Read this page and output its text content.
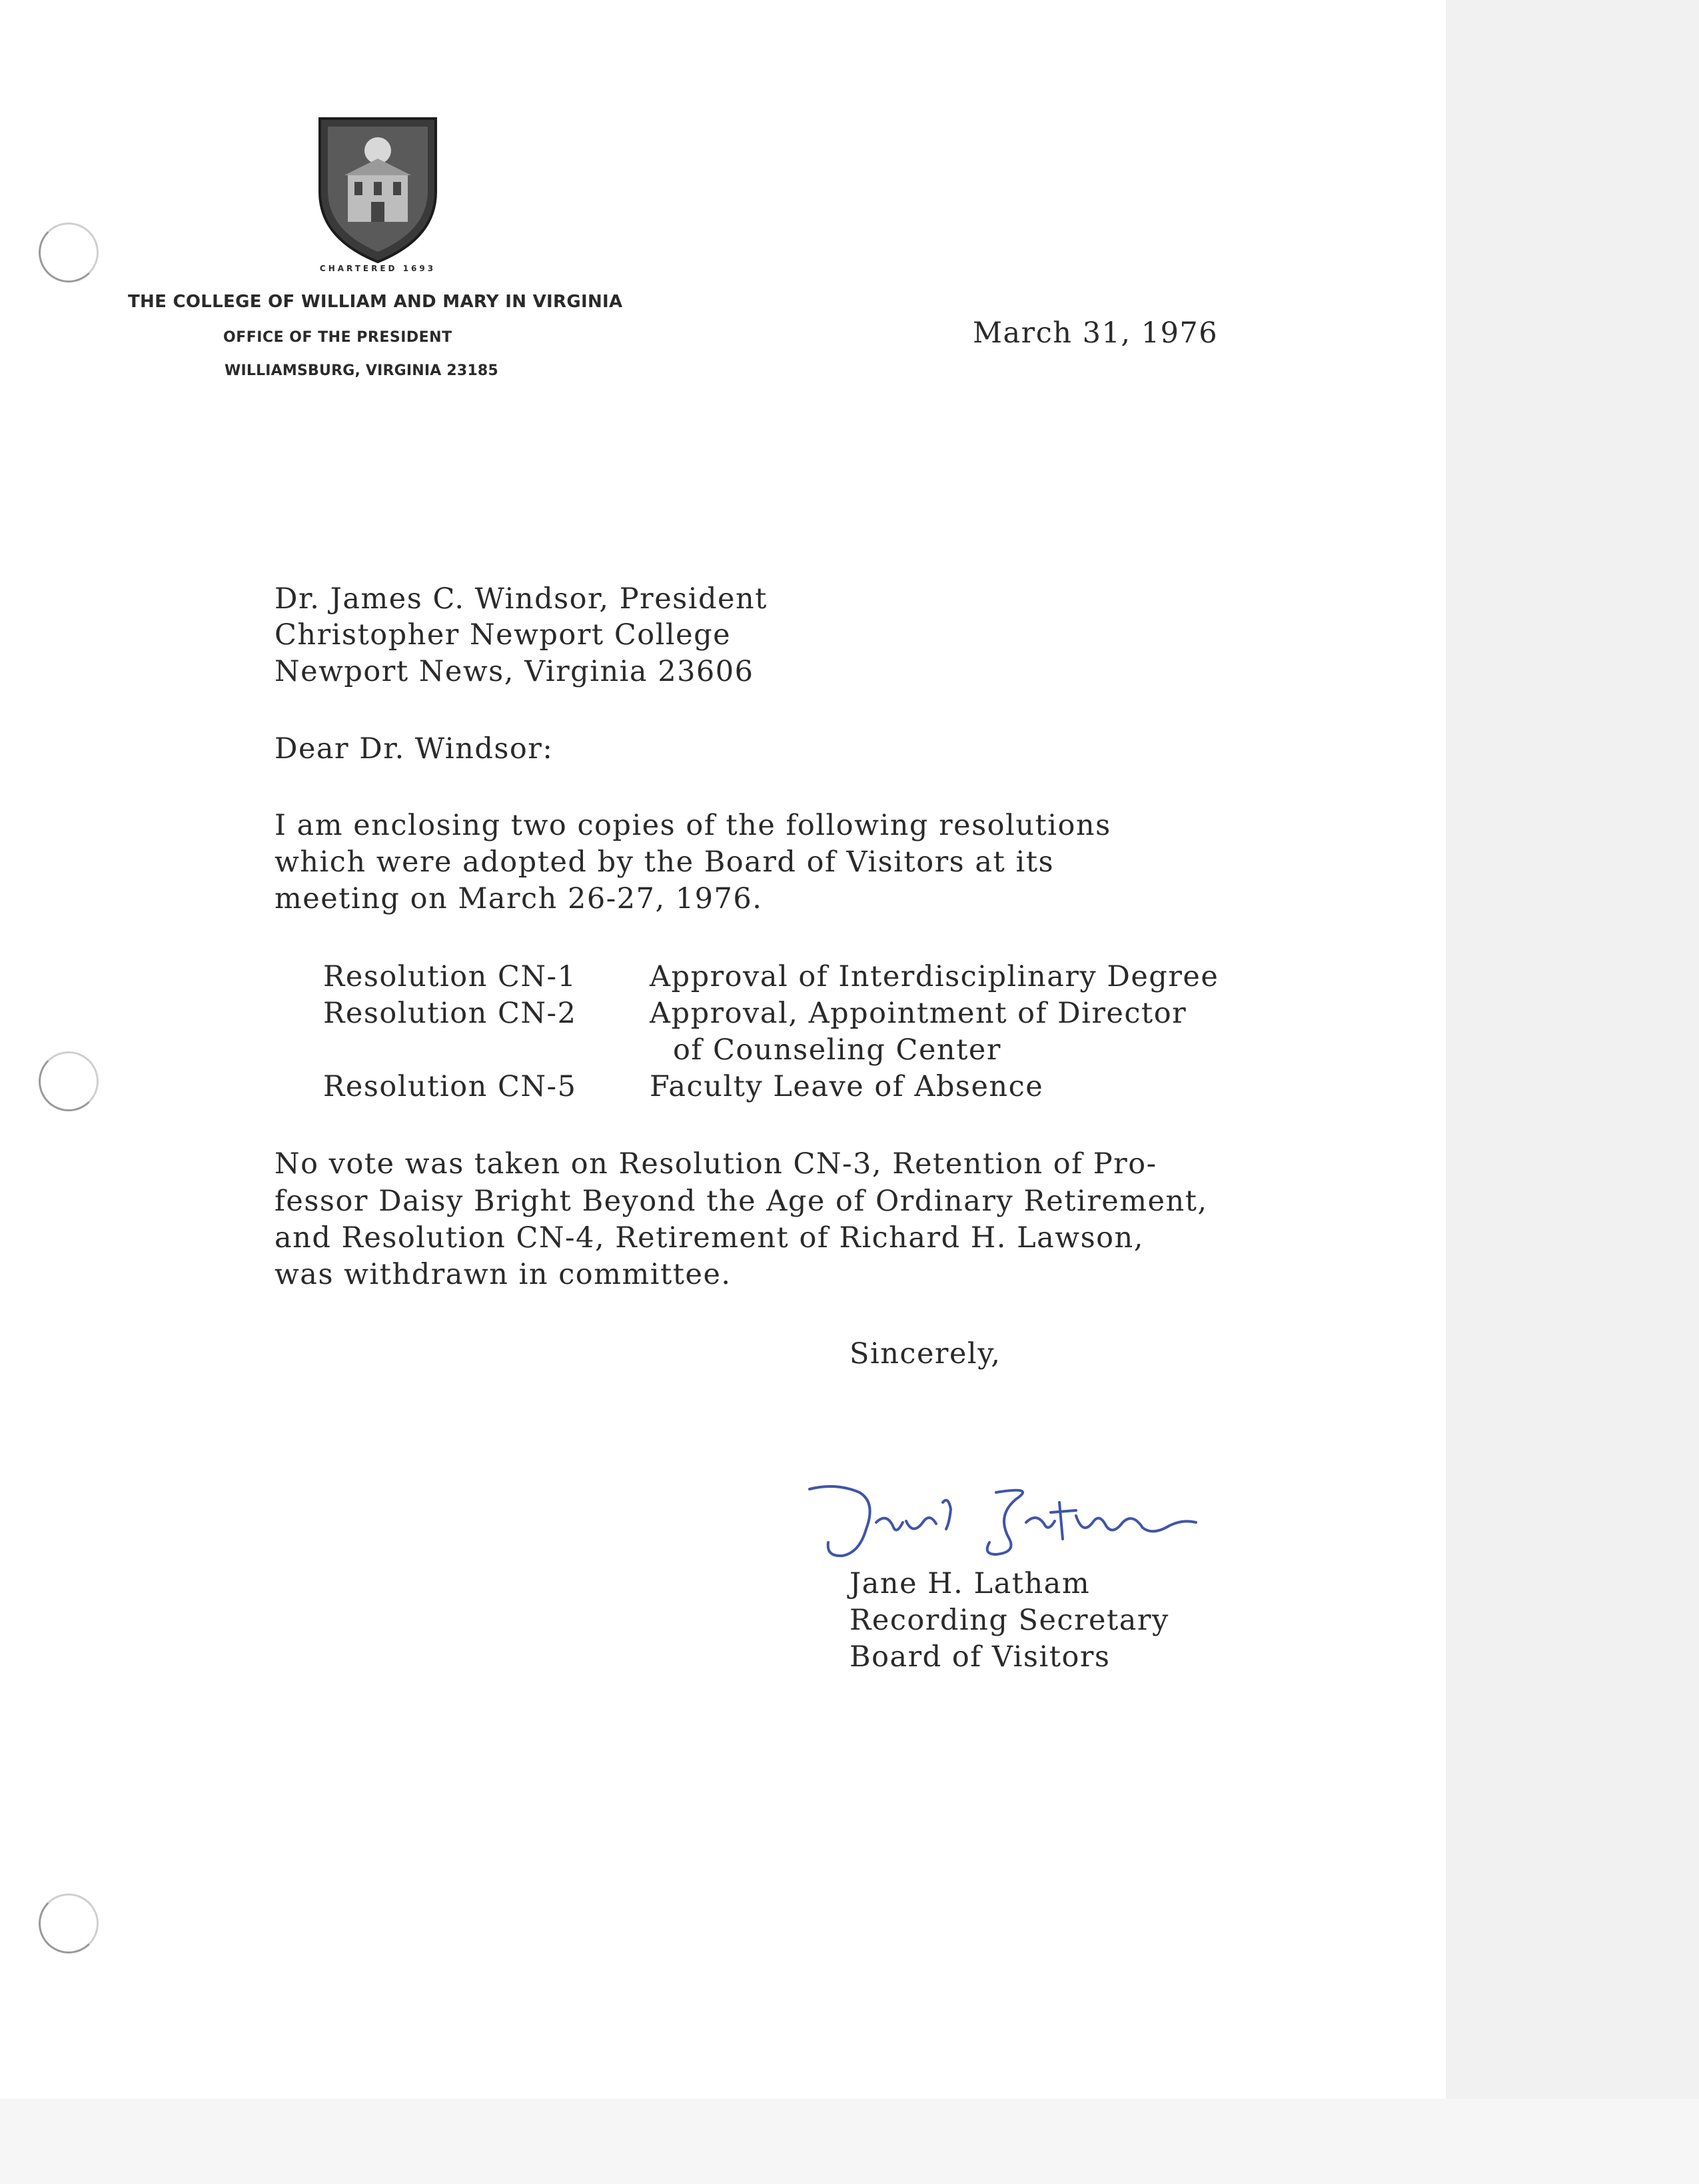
CHARTERED 1693
THE COLLEGE OF WILLIAM AND MARY IN VIRGINIA
OFFICE OF THE PRESIDENT
WILLIAMSBURG, VIRGINIA 23185
March 31, 1976
Dr. James C. Windsor, President
Christopher Newport College
Newport News, Virginia 23606
Dear Dr. Windsor:
I am enclosing two copies of the following resolutions
which were adopted by the Board of Visitors at its
meeting on March 26-27, 1976.
Resolution CN-1	Approval of Interdisciplinary Degree
Resolution CN-2	Approval, Appointment of Director
of Counseling Center
Resolution CN-5	Faculty Leave of Absence
No vote was taken on Resolution CN-3, Retention of Pro-
fessor Daisy Bright Beyond the Age of Ordinary Retirement,
and Resolution CN-4, Retirement of Richard H. Lawson,
was withdrawn in committee.
Sincerely,
Jane H. Latham
Recording Secretary
Board of Visitors
